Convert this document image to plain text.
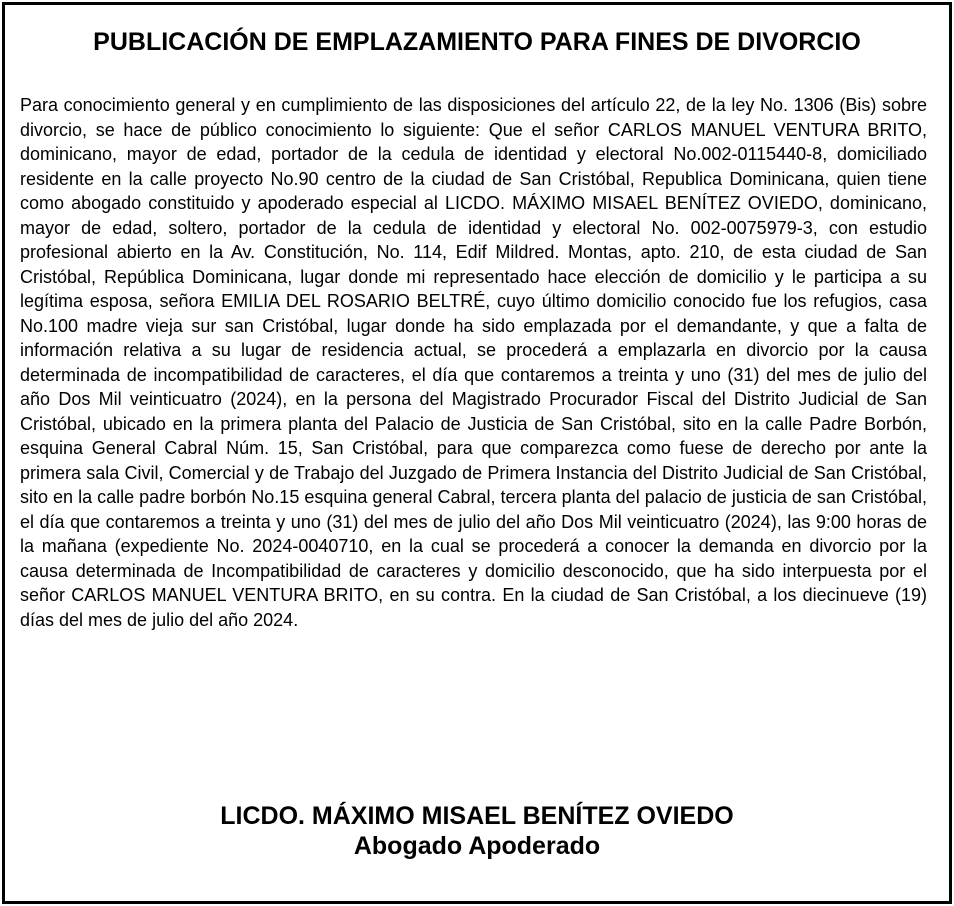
PUBLICACIÓN DE EMPLAZAMIENTO PARA FINES DE DIVORCIO
Para conocimiento general y en cumplimiento de las disposiciones del artículo 22, de la ley No. 1306 (Bis) sobre divorcio, se hace de público conocimiento lo siguiente: Que el señor CARLOS MANUEL VENTURA BRITO, dominicano, mayor de edad, portador de la cedula de identidad y electoral No.002-0115440-8, domiciliado residente en la calle proyecto No.90 centro de la ciudad de San Cristóbal, Republica Dominicana, quien tiene como abogado constituido y apoderado especial al LICDO. MÁXIMO MISAEL BENÍTEZ OVIEDO, dominicano, mayor de edad, soltero, portador de la cedula de identidad y electoral No. 002-0075979-3, con estudio profesional abierto en la Av. Constitución, No. 114, Edif Mildred. Montas, apto. 210, de esta ciudad de San Cristóbal, República Dominicana, lugar donde mi representado hace elección de domicilio y le participa a su legítima esposa, señora EMILIA DEL ROSARIO BELTRÉ, cuyo último domicilio conocido fue los refugios, casa No.100 madre vieja sur san Cristóbal, lugar donde ha sido emplazada por el demandante, y que a falta de información relativa a su lugar de residencia actual, se procederá a emplazarla en divorcio por la causa determinada de incompatibilidad de caracteres, el día que contaremos a treinta y uno (31) del mes de julio del año Dos Mil veinticuatro (2024), en la persona del Magistrado Procurador Fiscal del Distrito Judicial de San Cristóbal, ubicado en la primera planta del Palacio de Justicia de San Cristóbal, sito en la calle Padre Borbón, esquina General Cabral Núm. 15, San Cristóbal, para que comparezca como fuese de derecho por ante la primera sala Civil, Comercial y de Trabajo del Juzgado de Primera Instancia del Distrito Judicial de San Cristóbal, sito en la calle padre borbón No.15 esquina general Cabral, tercera planta del palacio de justicia de san Cristóbal, el día que contaremos a treinta y uno (31) del mes de julio del año Dos Mil veinticuatro (2024), las 9:00 horas de la mañana (expediente No. 2024-0040710, en la cual se procederá a conocer la demanda en divorcio por la causa determinada de Incompatibilidad de caracteres y domicilio desconocido, que ha sido interpuesta por el señor CARLOS MANUEL VENTURA BRITO, en su contra. En la ciudad de San Cristóbal, a los diecinueve (19) días del mes de julio del año 2024.
LICDO. MÁXIMO MISAEL BENÍTEZ OVIEDO
Abogado Apoderado
